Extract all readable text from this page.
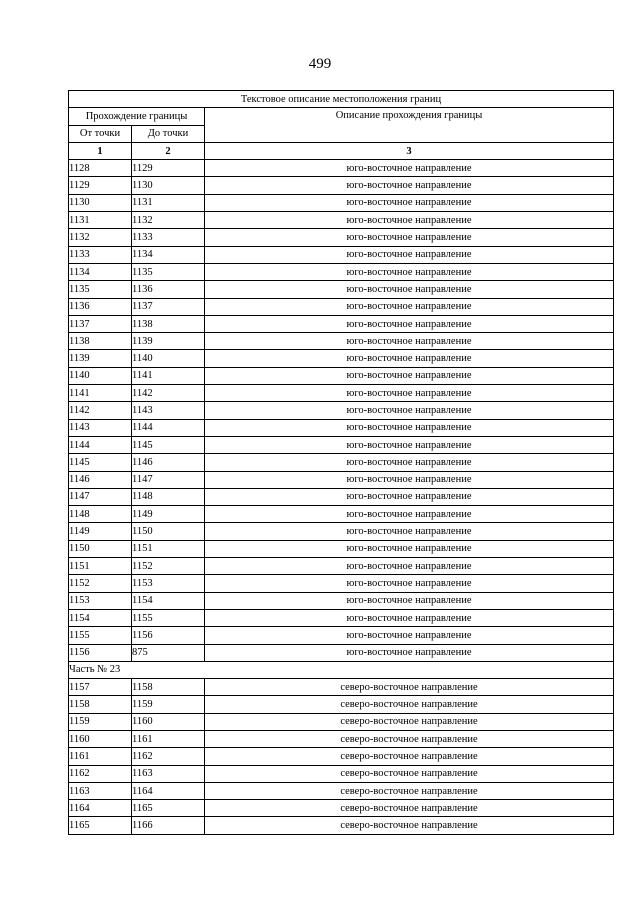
499
Текстовое описание местоположения границ		
Прохождение границы		Описание прохождения границы
От точки	До точки	
1	2	3
1128	1129	юго-восточное направление
1129	1130	юго-восточное направление
1130	1131	юго-восточное направление
1131	1132	юго-восточное направление
1132	1133	юго-восточное направление
1133	1134	юго-восточное направление
1134	1135	юго-восточное направление
1135	1136	юго-восточное направление
1136	1137	юго-восточное направление
1137	1138	юго-восточное направление
1138	1139	юго-восточное направление
1139	1140	юго-восточное направление
1140	1141	юго-восточное направление
1141	1142	юго-восточное направление
1142	1143	юго-восточное направление
1143	1144	юго-восточное направление
1144	1145	юго-восточное направление
1145	1146	юго-восточное направление
1146	1147	юго-восточное направление
1147	1148	юго-восточное направление
1148	1149	юго-восточное направление
1149	1150	юго-восточное направление
1150	1151	юго-восточное направление
1151	1152	юго-восточное направление
1152	1153	юго-восточное направление
1153	1154	юго-восточное направление
1154	1155	юго-восточное направление
1155	1156	юго-восточное направление
1156	875	юго-восточное направление
Часть № 23		
1157	1158	северо-восточное направление
1158	1159	северо-восточное направление
1159	1160	северо-восточное направление
1160	1161	северо-восточное направление
1161	1162	северо-восточное направление
1162	1163	северо-восточное направление
1163	1164	северо-восточное направление
1164	1165	северо-восточное направление
1165	1166	северо-восточное направление
